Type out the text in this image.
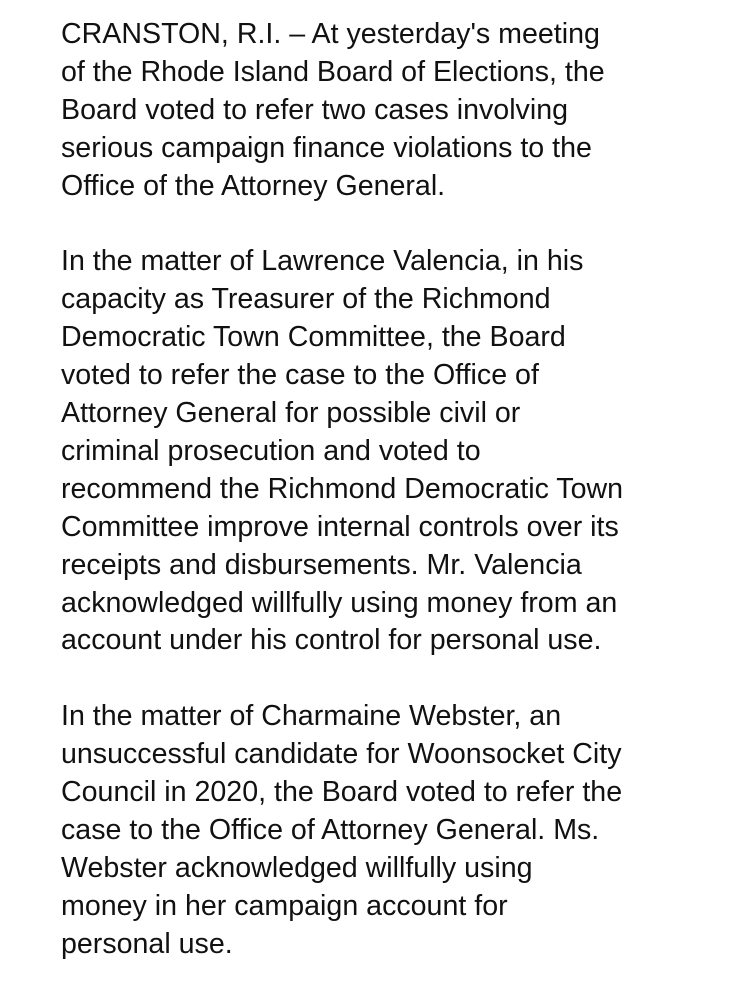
CRANSTON, R.I. – At yesterday's meeting
of the Rhode Island Board of Elections, the
Board voted to refer two cases involving
serious campaign finance violations to the
Office of the Attorney General.

In the matter of Lawrence Valencia, in his
capacity as Treasurer of the Richmond
Democratic Town Committee, the Board
voted to refer the case to the Office of
Attorney General for possible civil or
criminal prosecution and voted to
recommend the Richmond Democratic Town
Committee improve internal controls over its
receipts and disbursements. Mr. Valencia
acknowledged willfully using money from an
account under his control for personal use.

In the matter of Charmaine Webster, an
unsuccessful candidate for Woonsocket City
Council in 2020, the Board voted to refer the
case to the Office of Attorney General. Ms.
Webster acknowledged willfully using
money in her campaign account for
personal use.
